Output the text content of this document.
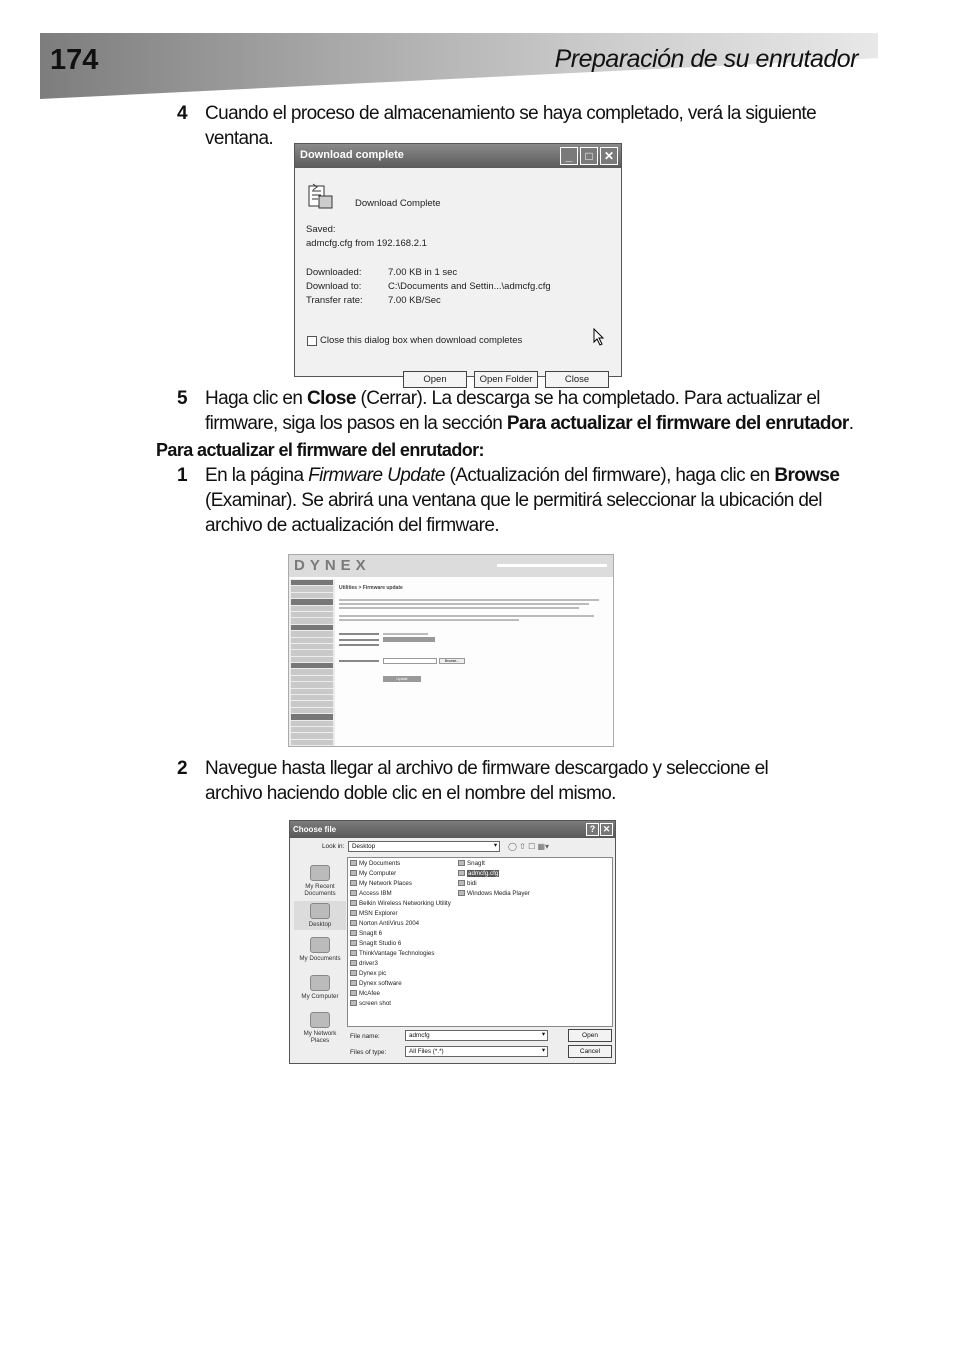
174	Preparación de su enrutador
4 Cuando el proceso de almacenamiento se haya completado, verá la siguiente ventana.
Download complete	_	□ ✕
Download Complete
Saved:
admcfg.cfg from 192.168.2.1
Downloaded:	7.00 KB in 1 sec
Download to:	C:\Documents and Settin...\admcfg.cfg
Transfer rate:	7.00 KB/Sec
Close this dialog box when download completes
Open	Open Folder	Close
5 Haga clic en Close (Cerrar). La descarga se ha completado. Para actualizar el firmware, siga los pasos en la sección Para actualizar el firmware del enrutador.
Para actualizar el firmware del enrutador:
1 En la página Firmware Update (Actualización del firmware), haga clic en Browse (Examinar). Se abrirá una ventana que le permitirá seleccionar la ubicación del archivo de actualización del firmware.
DYNEX
Utilities > Firmware update
Browse...
Update
2 Navegue hasta llegar al archivo de firmware descargado y seleccione el archivo haciendo doble clic en el nombre del mismo.
Choose file	? ✕
Look in:	Desktop	▾ ◯ ⇧ ☐ ▦▾
My Recent Documents
Desktop
My Documents
My Computer
My Network Places
My Documents
My Computer
My Network Places
Access IBM
Belkin Wireless Networking Utility
MSN Explorer
Norton AntiVirus 2004
SnagIt 6
SnagIt Studio 6
ThinkVantage Technologies
driver3
Dynex pic
Dynex software
McAfee
screen shot
SnagIt
admcfg.cfg
bidi
Windows Media Player
File name:	admcfg	▾
Files of type:	All Files (*.*)	▾
Open
Cancel
